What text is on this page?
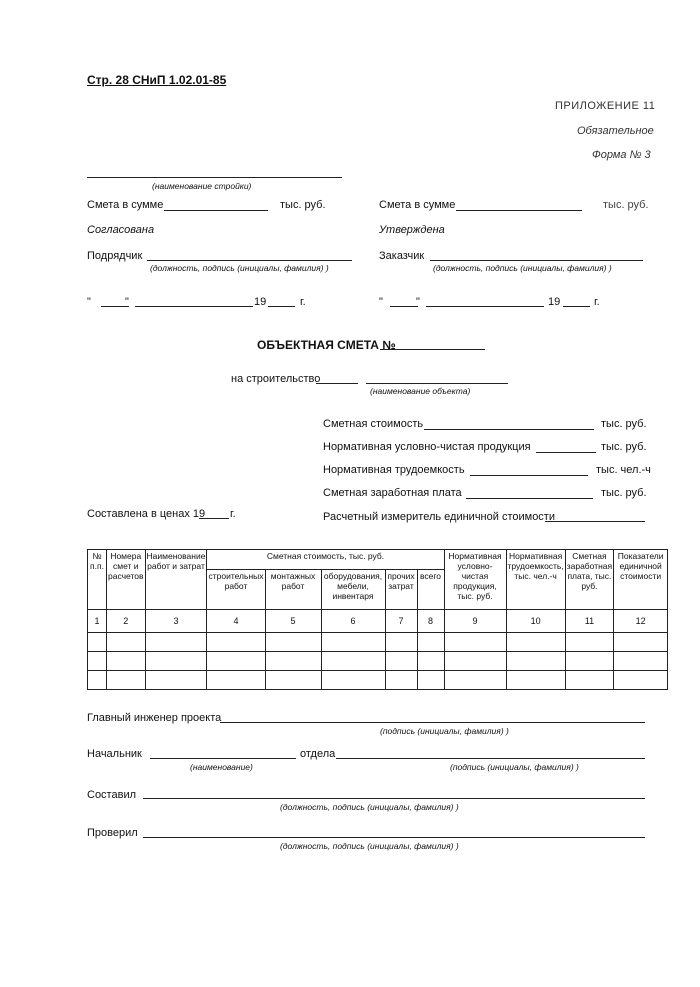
Стр. 28 СНиП 1.02.01-85
ПРИЛОЖЕНИЕ 11
Обязательное
Форма № 3
(наименование стройки)
Смета в сумме	тыс. руб.
Согласована
Подрядчик
(должность, подпись (инициалы, фамилия) )
"	"	19	г.
Смета в сумме	тыс. руб.
Утверждена
Заказчик
(должность, подпись (инициалы, фамилия) )
"	"	19	г.
ОБЪЕКТНАЯ СМЕТА №
на строительство
(наименование объекта)
Сметная стоимость	тыс. руб.
Нормативная условно-чистая продукция	тыс. руб.
Нормативная трудоемкость	тыс. чел.-ч
Сметная заработная плата	тыс. руб.
Расчетный измеритель единичной стоимости
Составлена в ценах 19 г.
№ п.п.	Номера смет и расчетов	Наименование работ и затрат	Сметная стоимость, тыс. руб.					Нормативная условно-чистая продукция, тыс. руб.	Нормативная трудоемкость, тыс. чел.-ч	Сметная заработная плата, тыс. руб.	Показатели единичной стоимости
			строительных работ	монтажных работ	оборудования, мебели, инвентаря	прочих затрат	всего				
1	2	3	4	5	6	7	8	9	10	11	12

Главный инженер проекта
(подпись (инициалы, фамилия) )
Начальник	отдела
(наименование)	(подпись (инициалы, фамилия) )
Составил
(должность, подпись (инициалы, фамилия) )
Проверил
(должность, подпись (инициалы, фамилия) )
